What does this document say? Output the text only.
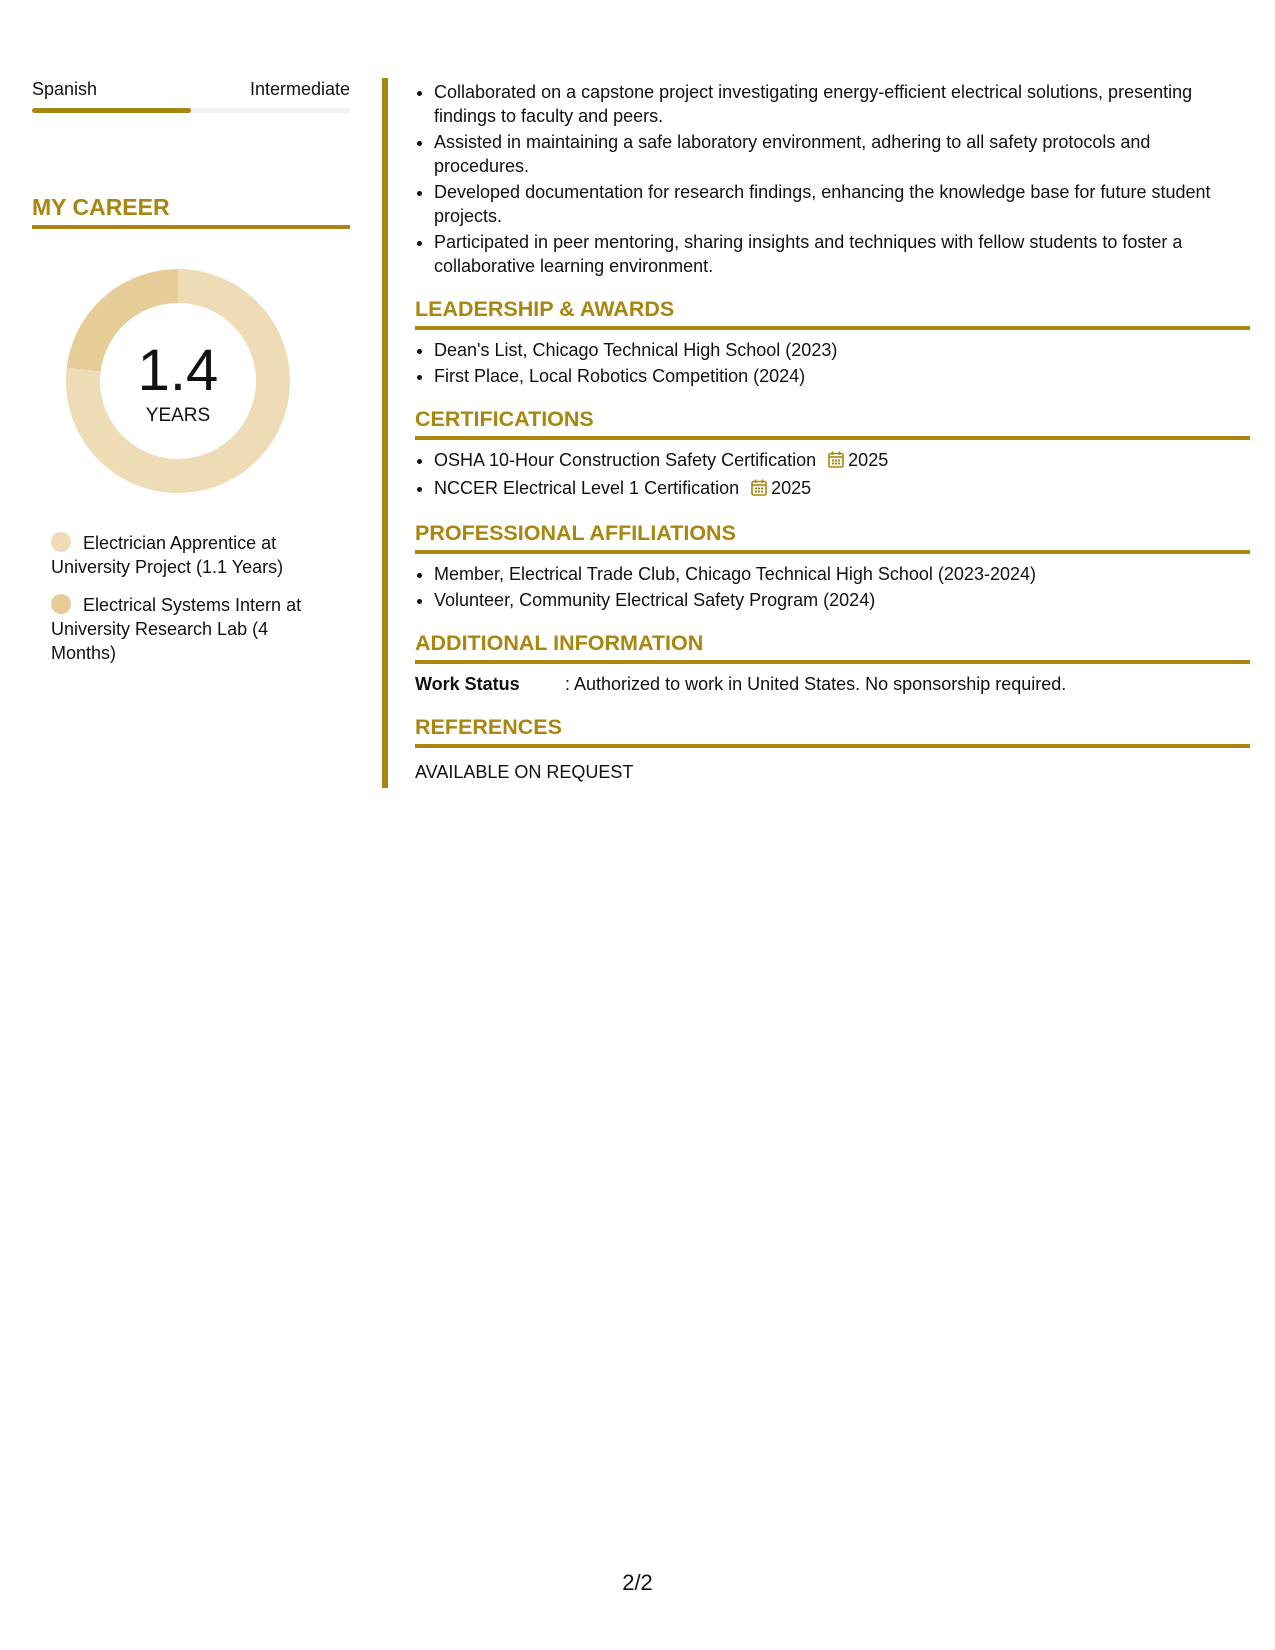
Spanish	Intermediate
MY CAREER
1.4
YEARS
Electrician Apprentice at University Project (1.1 Years)
Electrical Systems Intern at University Research Lab (4 Months)
• Collaborated on a capstone project investigating energy-efficient electrical solutions, presenting findings to faculty and peers.
• Assisted in maintaining a safe laboratory environment, adhering to all safety protocols and procedures.
• Developed documentation for research findings, enhancing the knowledge base for future student projects.
• Participated in peer mentoring, sharing insights and techniques with fellow students to foster a collaborative learning environment.
LEADERSHIP & AWARDS
• Dean's List, Chicago Technical High School (2023)
• First Place, Local Robotics Competition (2024)
CERTIFICATIONS
• OSHA 10-Hour Construction Safety Certification 2025
• NCCER Electrical Level 1 Certification 2025
PROFESSIONAL AFFILIATIONS
• Member, Electrical Trade Club, Chicago Technical High School (2023-2024)
• Volunteer, Community Electrical Safety Program (2024)
ADDITIONAL INFORMATION
Work Status	: Authorized to work in United States. No sponsorship required.
REFERENCES
AVAILABLE ON REQUEST
2/2
